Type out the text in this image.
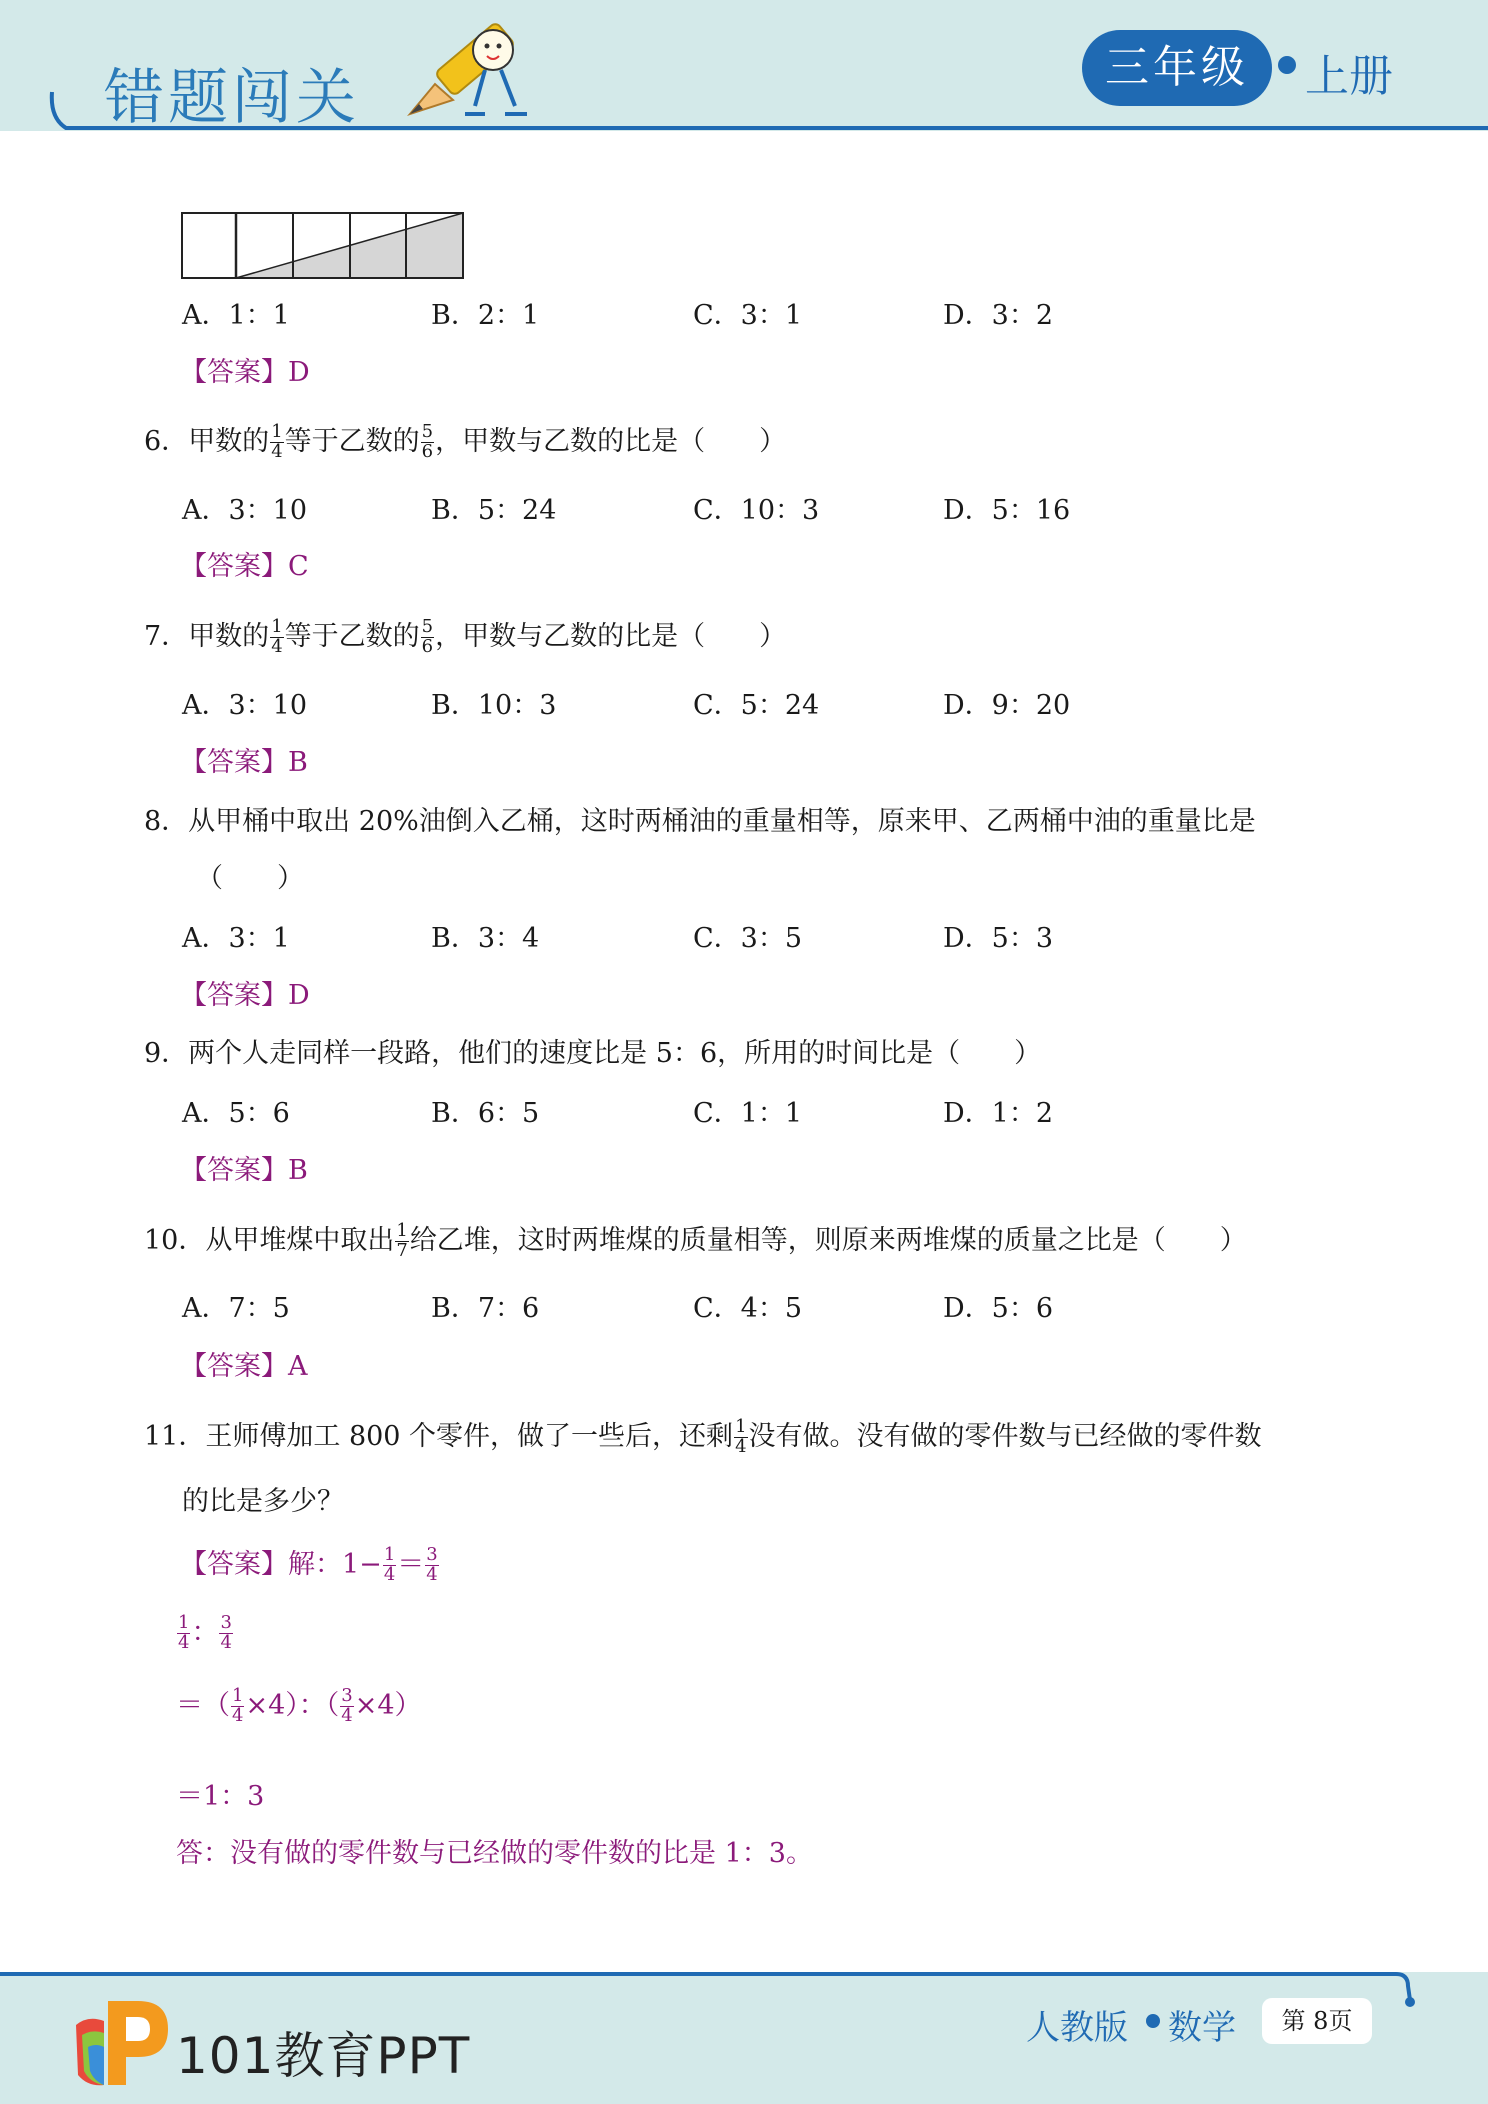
错题闯关	三年级	上册
A．1：1	B．2：1	C．3：1	D．3：2
【答案】D
6．甲数的 $\frac{1}{4}$ 等于乙数的 $\frac{5}{6}$ ，甲数与乙数的比是（　　）
A．3：10	B．5：24	C．10：3	D．5：16
【答案】C
7．甲数的 $\frac{1}{4}$ 等于乙数的 $\frac{5}{6}$ ，甲数与乙数的比是（　　）
A．3：10	B．10：3	C．5：24	D．9：20
【答案】B
8．从甲桶中取出 20%油倒入乙桶，这时两桶油的重量相等，原来甲、乙两桶中油的重量比是
（　　）
A．3：1	B．3：4	C．3：5	D．5：3
【答案】D
9．两个人走同样一段路，他们的速度比是 5：6，所用的时间比是（　　）
A．5：6	B．6：5	C．1：1	D．1：2
【答案】B
10．从甲堆煤中取出 $\frac{1}{7}$ 给乙堆，这时两堆煤的质量相等，则原来两堆煤的质量之比是（　　）
A．7：5	B．7：6	C．4：5	D．5：6
【答案】A
11．王师傅加工 800 个零件，做了一些后，还剩 $\frac{1}{4}$ 没有做。没有做的零件数与已经做的零件数
的比是多少？
【答案】解：$1- \frac{1}{4} = \frac{3}{4}$
$\frac{1}{4}$ ： $\frac{3}{4}$
＝（ $\frac{1}{4} \times 4$）：（ $\frac{3}{4} \times 4$）
＝1：3
答：没有做的零件数与已经做的零件数的比是 1：3。
101教育PPT	人教版 数学	第 8页
